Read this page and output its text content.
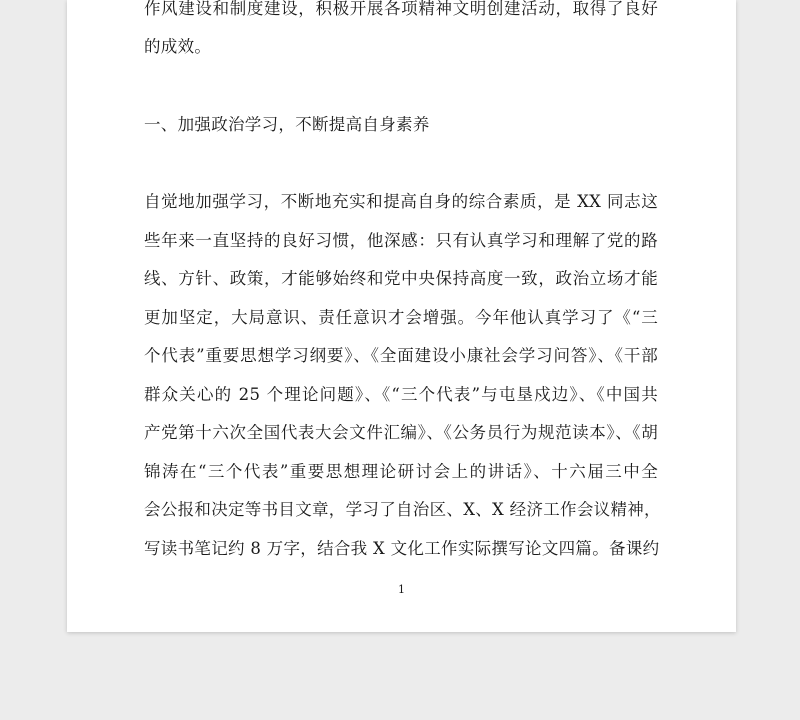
作风建设和制度建设，积极开展各项精神文明创建活动，取得了良好
的成效。
一、加强政治学习，不断提高自身素养
自觉地加强学习，不断地充实和提高自身的综合素质，是 XX 同志这
些年来一直坚持的良好习惯，他深感：只有认真学习和理解了党的路
线、方针、政策，才能够始终和党中央保持高度一致，政治立场才能
更加坚定，大局意识、责任意识才会增强。今年他认真学习了《“三
个代表”重要思想学习纲要》、《全面建设小康社会学习问答》、《干部
群众关心的 25 个理论问题》、《“三个代表”与屯垦戍边》、《中国共
产党第十六次全国代表大会文件汇编》、《公务员行为规范读本》、《胡
锦涛在“三个代表”重要思想理论研讨会上的讲话》、十六届三中全
会公报和决定等书目文章，学习了自治区、X、X 经济工作会议精神，
写读书笔记约 8 万字，结合我 X 文化工作实际撰写论文四篇。备课约
1
